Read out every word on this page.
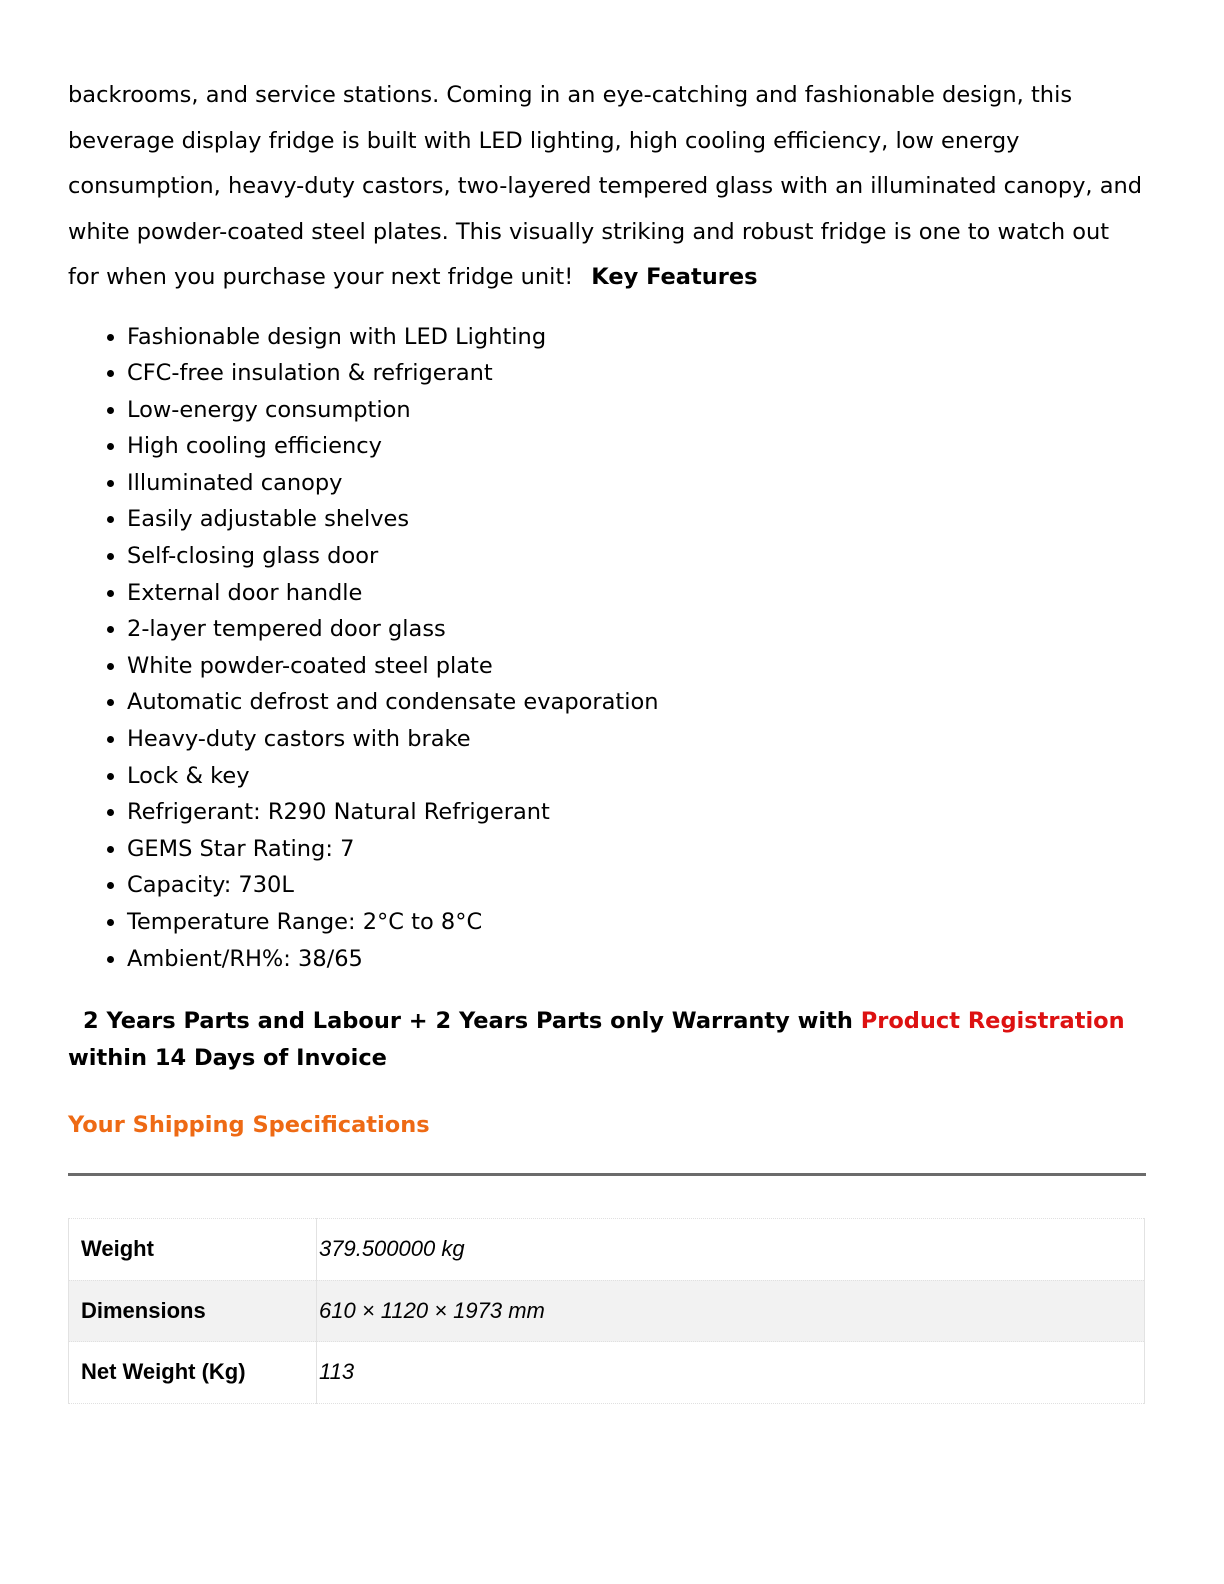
backrooms, and service stations. Coming in an eye-catching and fashionable design, this beverage display fridge is built with LED lighting, high cooling efficiency, low energy consumption, heavy-duty castors, two-layered tempered glass with an illuminated canopy, and white powder-coated steel plates. This visually striking and robust fridge is one to watch out for when you purchase your next fridge unit! Key Features

• Fashionable design with LED Lighting
• CFC-free insulation & refrigerant
• Low-energy consumption
• High cooling efficiency
• Illuminated canopy
• Easily adjustable shelves
• Self-closing glass door
• External door handle
• 2-layer tempered door glass
• White powder-coated steel plate
• Automatic defrost and condensate evaporation
• Heavy-duty castors with brake
• Lock & key
• Refrigerant: R290 Natural Refrigerant
• GEMS Star Rating: 7
• Capacity: 730L
• Temperature Range: 2°C to 8°C
• Ambient/RH%: 38/65

2 Years Parts and Labour + 2 Years Parts only Warranty with Product Registration within 14 Days of Invoice

Your Shipping Specifications
Weight	379.500000 kg
Dimensions	610 × 1120 × 1973 mm
Net Weight (Kg)	113
